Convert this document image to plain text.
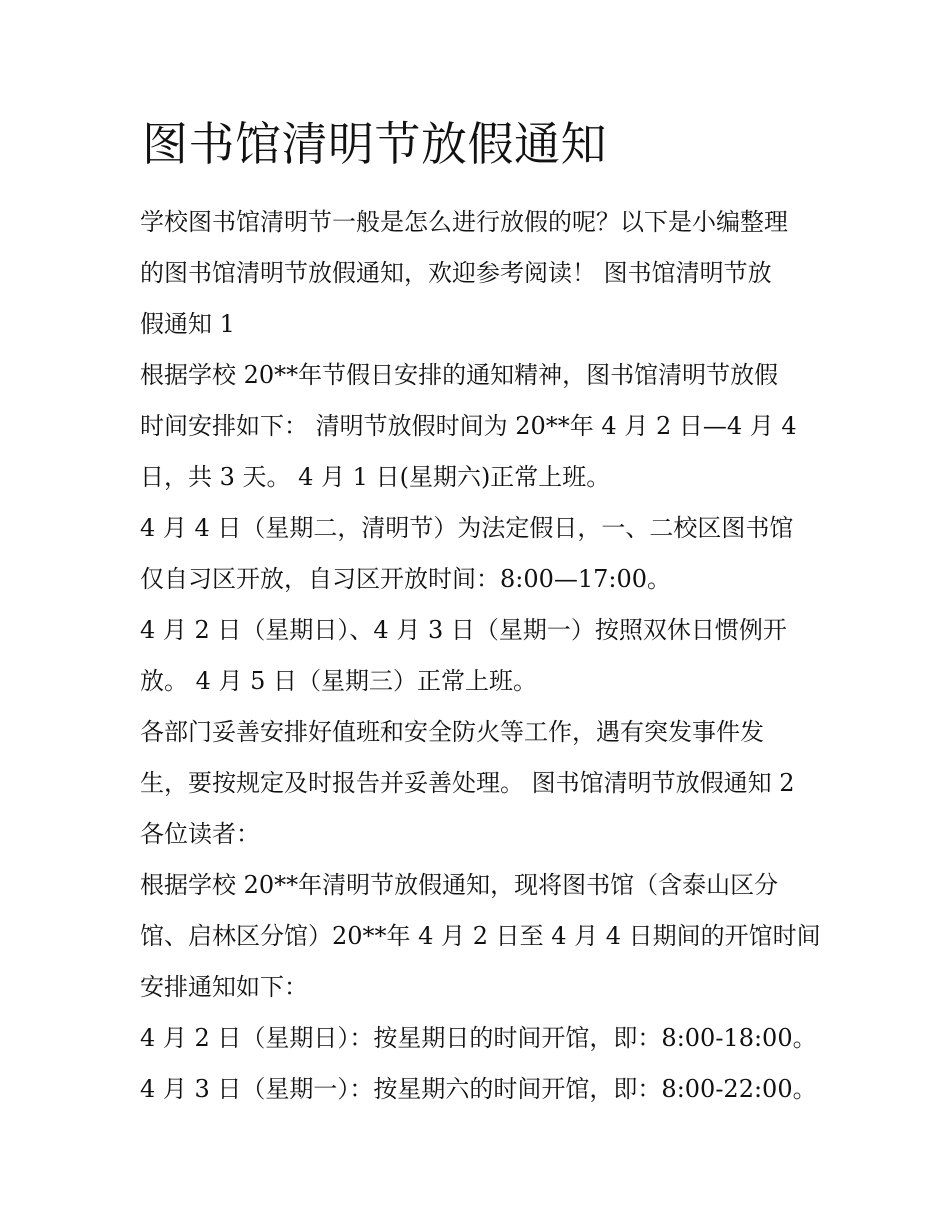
图书馆清明节放假通知
学校图书馆清明节一般是怎么进行放假的呢？以下是小编整理
的图书馆清明节放假通知，欢迎参考阅读！ 图书馆清明节放
假通知 1
根据学校 20**年节假日安排的通知精神，图书馆清明节放假
时间安排如下： 清明节放假时间为 20**年 4 月 2 日—4 月 4
日，共 3 天。 4 月 1 日(星期六)正常上班。
4 月 4 日（星期二，清明节）为法定假日，一、二校区图书馆
仅自习区开放，自习区开放时间：8:00—17:00。
4 月 2 日（星期日）、4 月 3 日（星期一）按照双休日惯例开
放。 4 月 5 日（星期三）正常上班。
各部门妥善安排好值班和安全防火等工作，遇有突发事件发
生，要按规定及时报告并妥善处理。 图书馆清明节放假通知 2
各位读者：
根据学校 20**年清明节放假通知，现将图书馆（含泰山区分
馆、启林区分馆）20**年 4 月 2 日至 4 月 4 日期间的开馆时间
安排通知如下：
4 月 2 日（星期日）：按星期日的时间开馆，即：8:00-18:00。
4 月 3 日（星期一）：按星期六的时间开馆，即：8:00-22:00。
